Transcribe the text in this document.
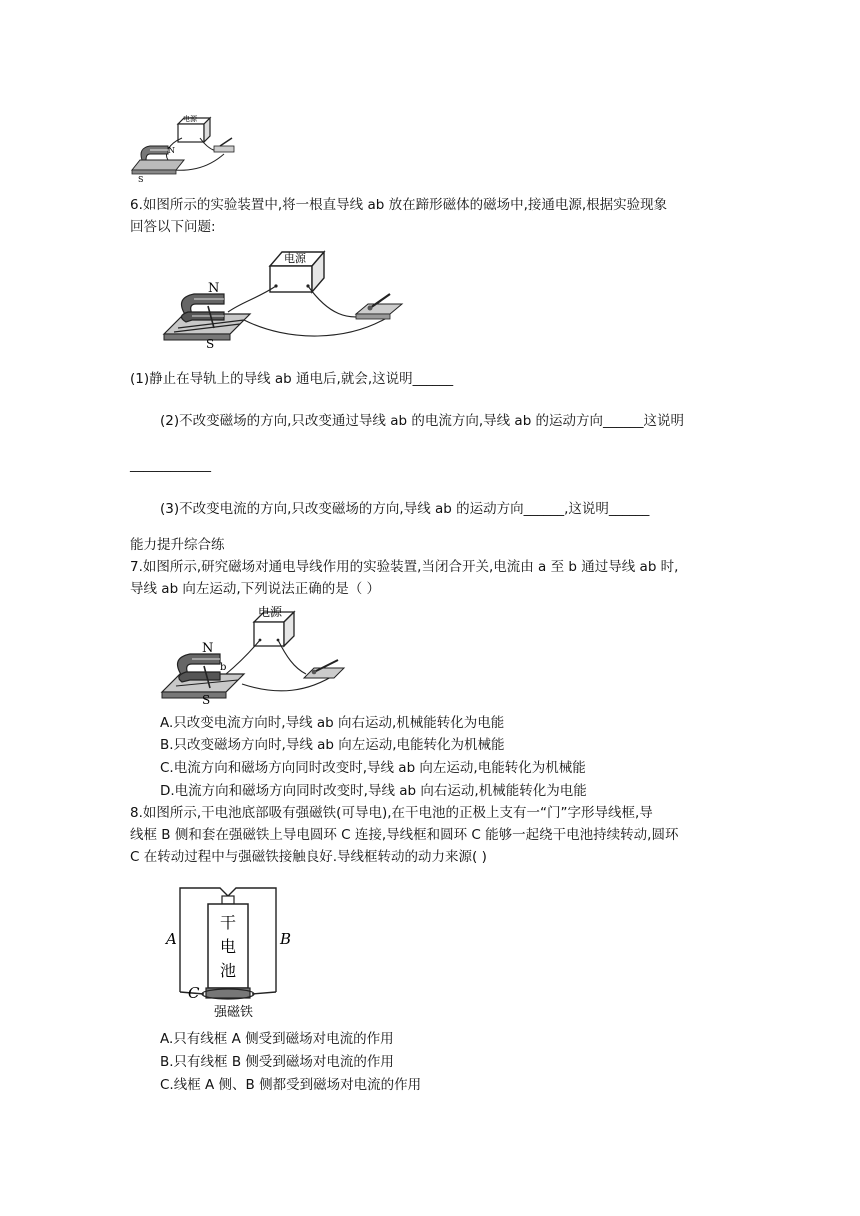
电源
N
S
6.如图所示的实验装置中,将一根直导线 ab 放在蹄形磁体的磁场中,接通电源,根据实验现象
回答以下问题:
电源
N
S
(1)静止在导轨上的导线 ab 通电后,就会,这说明______
(2)不改变磁场的方向,只改变通过导线 ab 的电流方向,导线 ab 的运动方向______这说明
____________
(3)不改变电流的方向,只改变磁场的方向,导线 ab 的运动方向______,这说明______
能力提升综合练
7.如图所示,研究磁场对通电导线作用的实验装置,当闭合开关,电流由 a 至 b 通过导线 ab 时,
导线 ab 向左运动,下列说法正确的是（ ）
电源
N
b
S
A.只改变电流方向时,导线 ab 向右运动,机械能转化为电能
B.只改变磁场方向时,导线 ab 向左运动,电能转化为机械能
C.电流方向和磁场方向同时改变时,导线 ab 向左运动,电能转化为机械能
D.电流方向和磁场方向同时改变时,导线 ab 向右运动,机械能转化为电能
8.如图所示,干电池底部吸有强磁铁(可导电),在干电池的正极上支有一“门”字形导线框,导
线框 B 侧和套在强磁铁上导电圆环 C 连接,导线框和圆环 C 能够一起绕干电池持续转动,圆环
C 在转动过程中与强磁铁接触良好.导线框转动的动力来源( )
干
电
池
A	B
C
强磁铁
A.只有线框 A 侧受到磁场对电流的作用
B.只有线框 B 侧受到磁场对电流的作用
C.线框 A 侧、B 侧都受到磁场对电流的作用
